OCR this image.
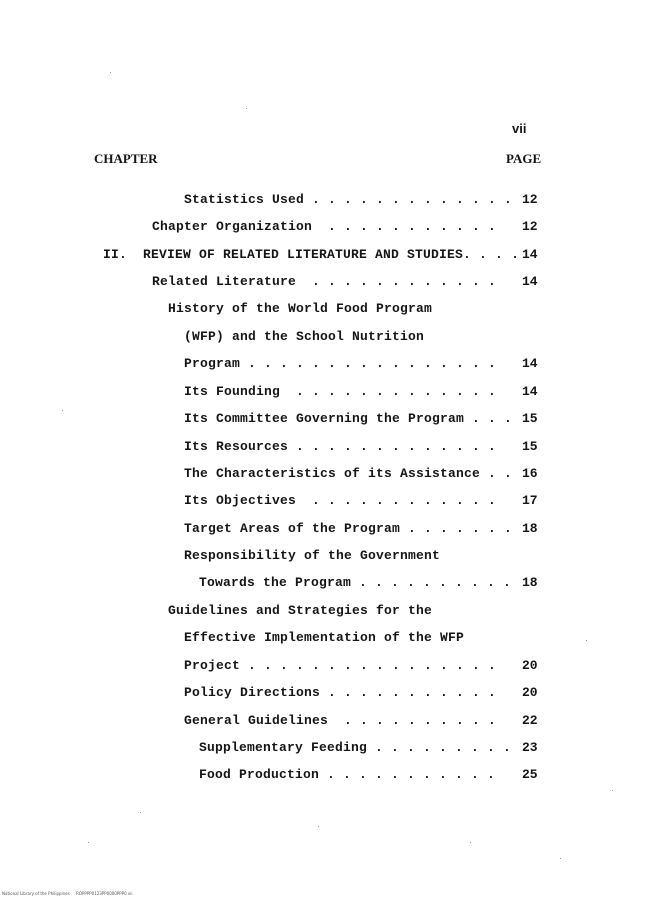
vii
CHAPTER	PAGE
Statistics Used . . . . . . . . . . . . . 12
Chapter Organization  . . . . . . . . . . . 12
II.  REVIEW OF RELATED LITERATURE AND STUDIES. . . . 14
Related Literature  . . . . . . . . . . . . 14
History of the World Food Program
(WFP) and the School Nutrition
Program . . . . . . . . . . . . . . . . 14
Its Founding  . . . . . . . . . . . . . 14
Its Committee Governing the Program . . . 15
Its Resources . . . . . . . . . . . . . 15
The Characteristics of its Assistance . . 16
Its Objectives  . . . . . . . . . . . . 17
Target Areas of the Program . . . . . . . 18
Responsibility of the Government
Towards the Program . . . . . . . . . . 18
Guidelines and Strategies for the
Effective Implementation of the WFP
Project . . . . . . . . . . . . . . . . 20
Policy Directions . . . . . . . . . . . 20
General Guidelines  . . . . . . . . . . 22
Supplementary Feeding . . . . . . . . . 23
Food Production . . . . . . . . . . . 25
National Library of the Philippines     ROPPPP0123PP0000PPP0 vii
